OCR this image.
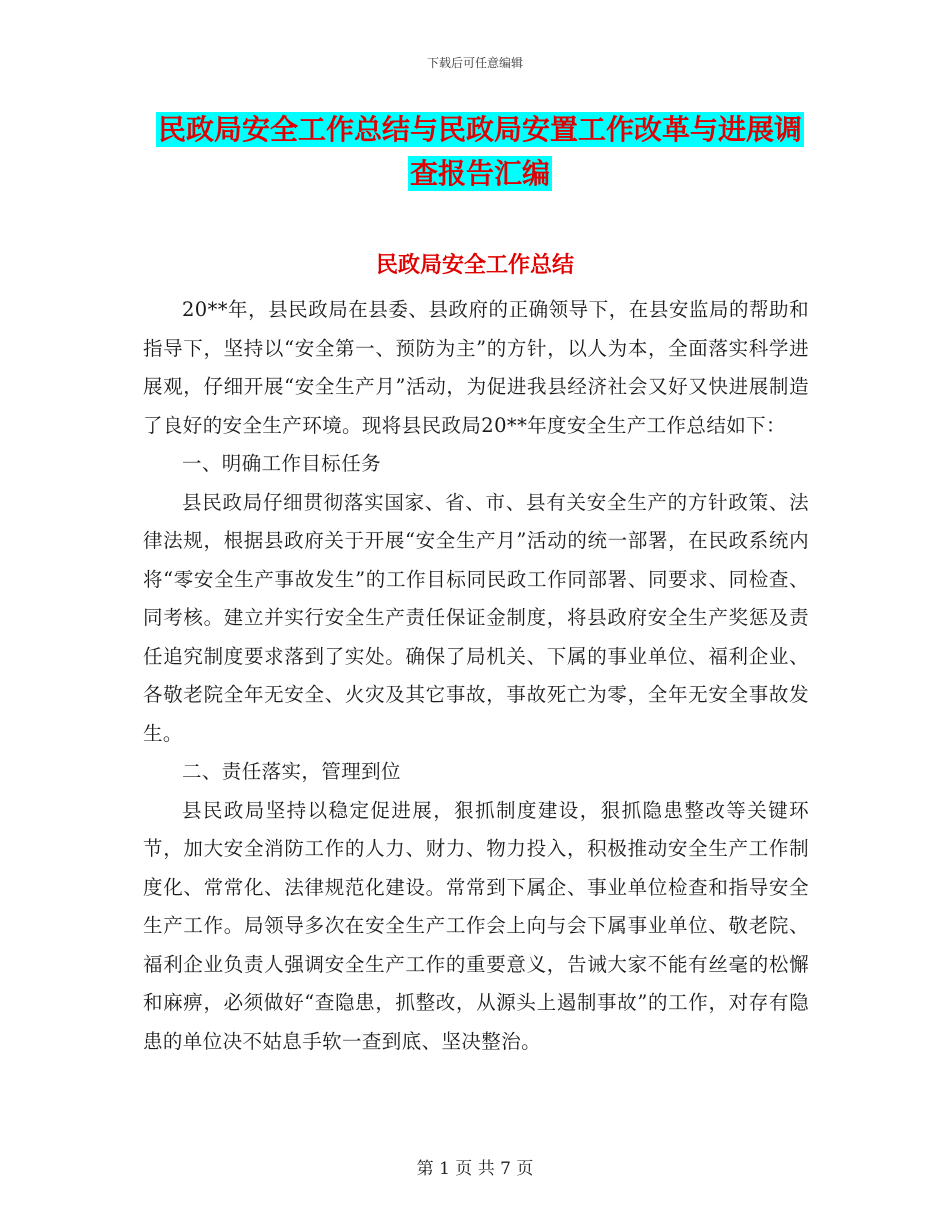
下载后可任意编辑
民政局安全工作总结与民政局安置工作改革与进展调
查报告汇编
民政局安全工作总结

20**年，县民政局在县委、县政府的正确领导下，在县安监局的帮助和指导下，坚持以“安全第一、预防为主”的方针，以人为本，全面落实科学进展观，仔细开展“安全生产月”活动，为促进我县经济社会又好又快进展制造了良好的安全生产环境。现将县民政局20**年度安全生产工作总结如下：

一、明确工作目标任务

县民政局仔细贯彻落实国家、省、市、县有关安全生产的方针政策、法律法规，根据县政府关于开展“安全生产月”活动的统一部署，在民政系统内将“零安全生产事故发生”的工作目标同民政工作同部署、同要求、同检查、同考核。建立并实行安全生产责任保证金制度，将县政府安全生产奖惩及责任追究制度要求落到了实处。确保了局机关、下属的事业单位、福利企业、各敬老院全年无安全、火灾及其它事故，事故死亡为零，全年无安全事故发生。

二、责任落实，管理到位

县民政局坚持以稳定促进展，狠抓制度建设，狠抓隐患整改等关键环节，加大安全消防工作的人力、财力、物力投入，积极推动安全生产工作制度化、常常化、法律规范化建设。常常到下属企、事业单位检查和指导安全生产工作。局领导多次在安全生产工作会上向与会下属事业单位、敬老院、福利企业负责人强调安全生产工作的重要意义，告诫大家不能有丝毫的松懈和麻痹，必须做好“查隐患，抓整改，从源头上遏制事故”的工作，对存有隐患的单位决不姑息手软一查到底、坚决整治。

第 1 页 共 7 页
